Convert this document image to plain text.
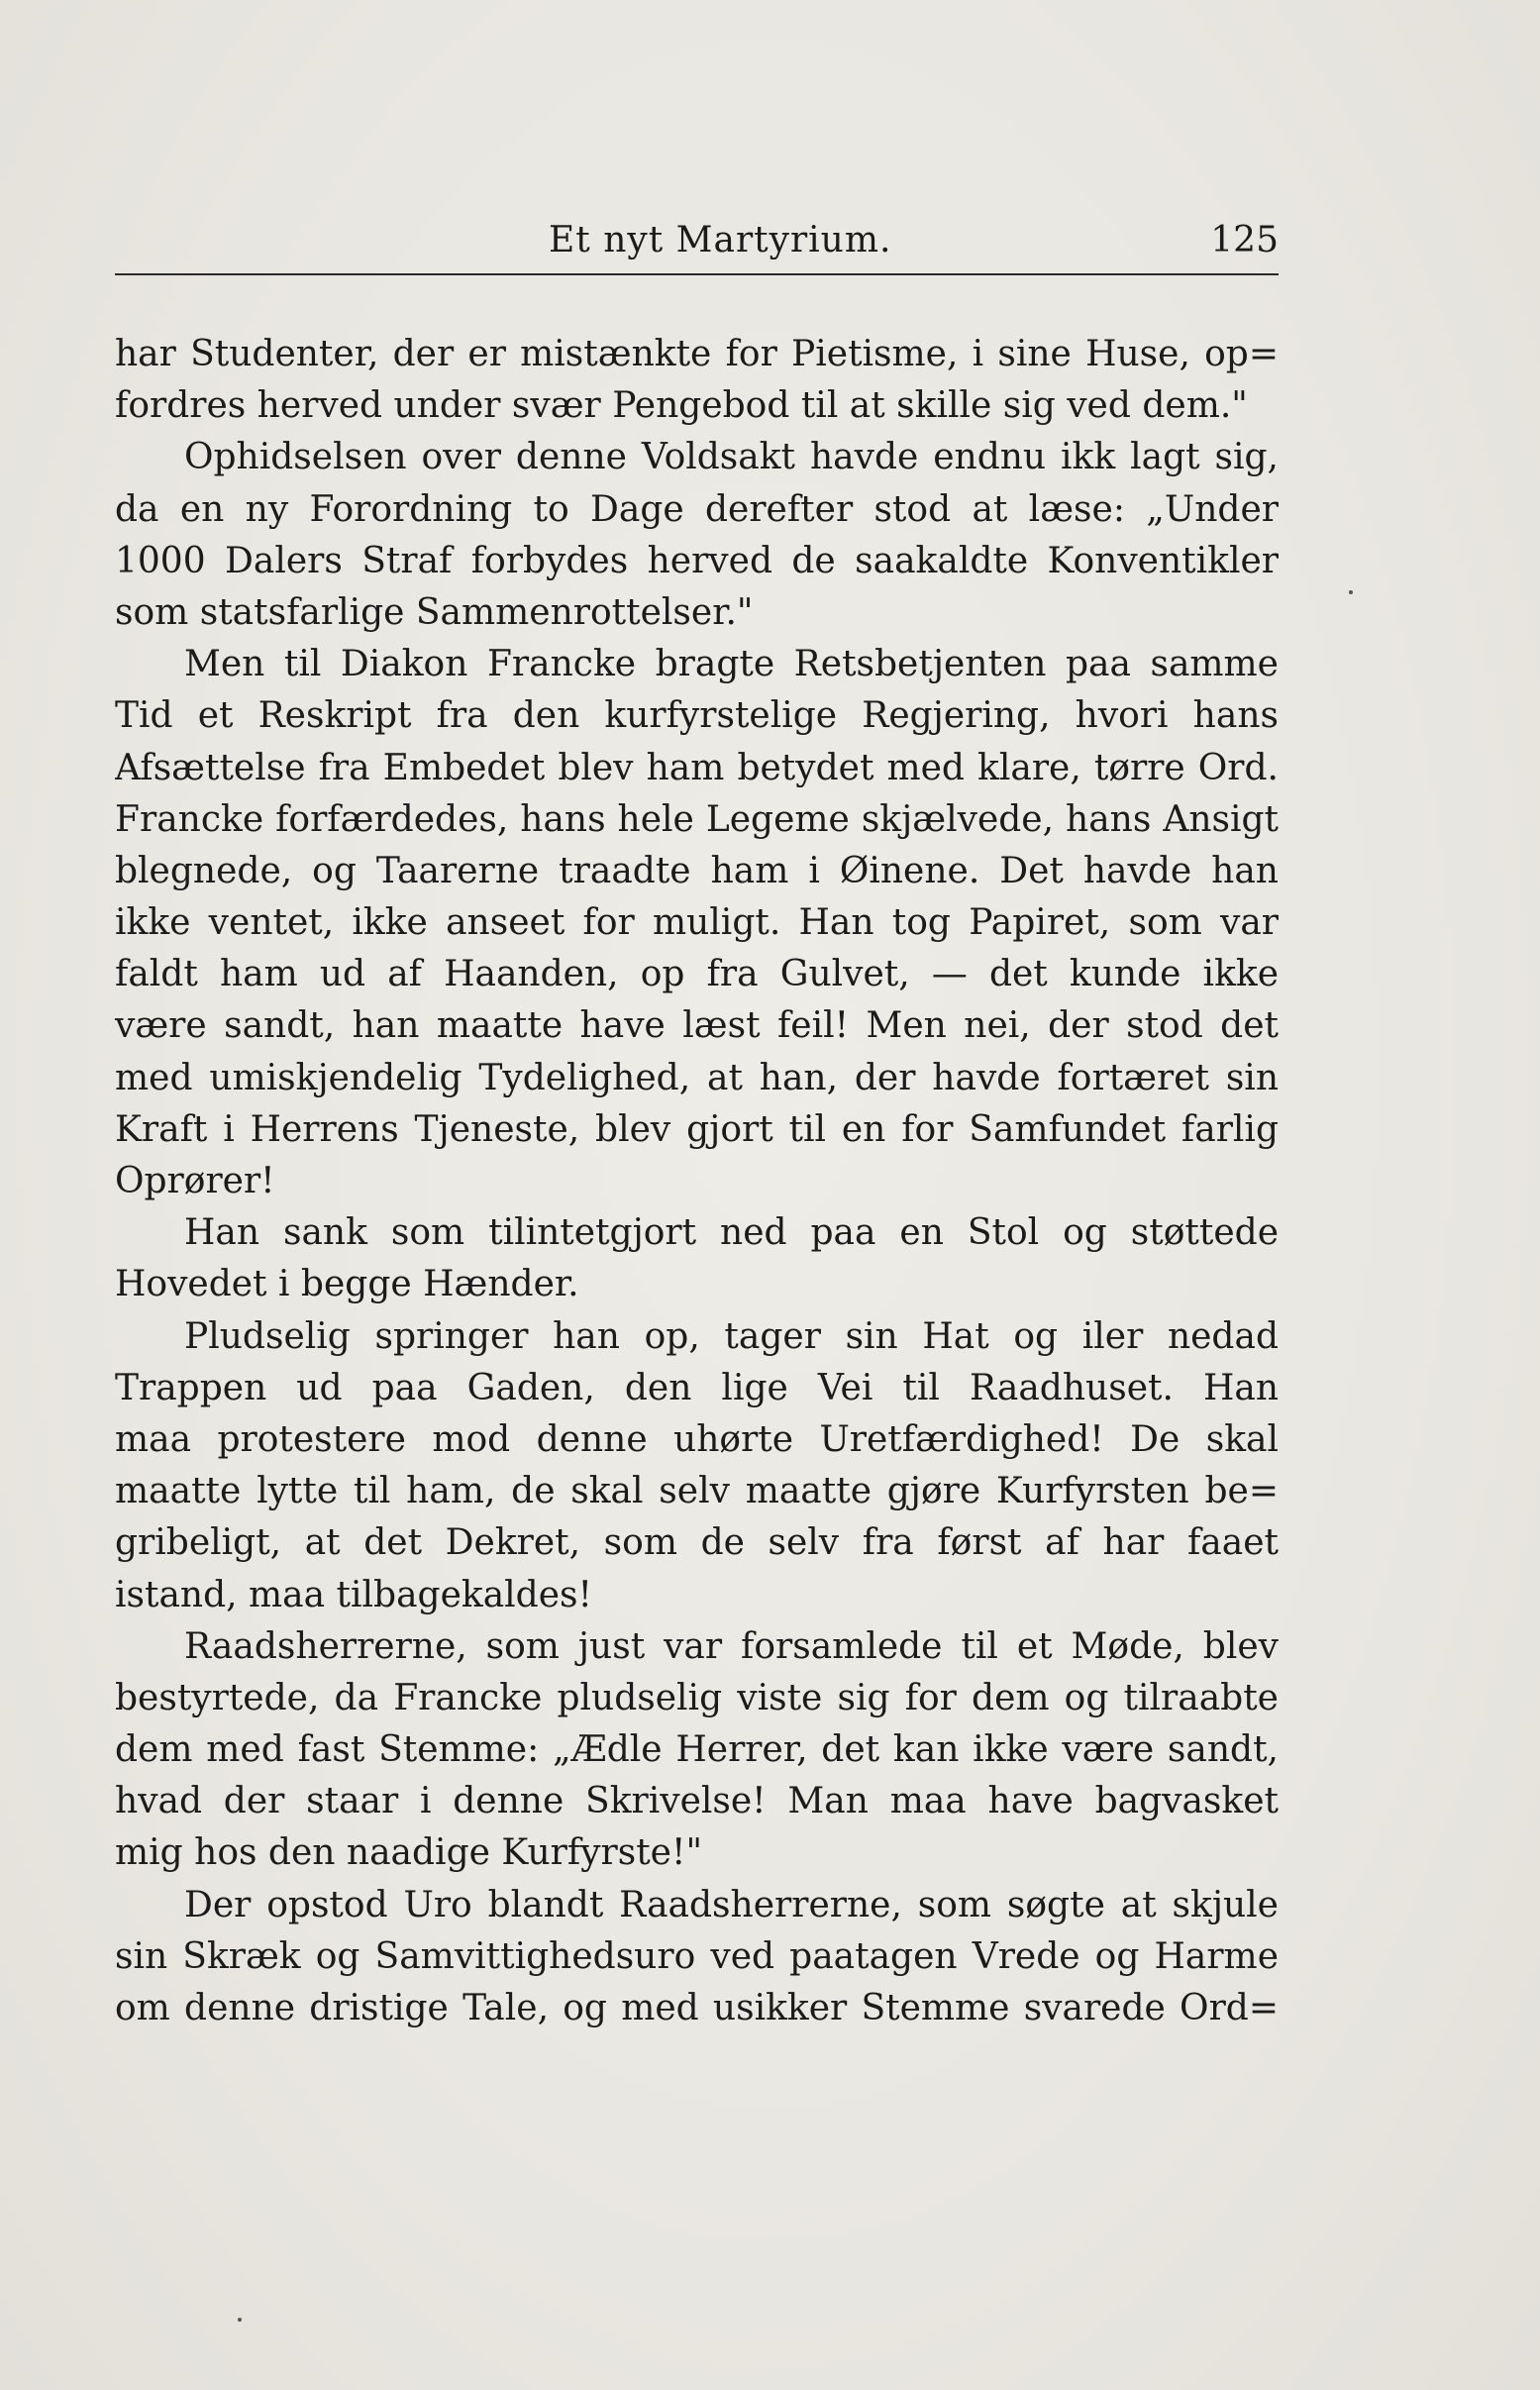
Et nyt Martyrium.	125
har Studenter, der er mistænkte for Pietisme, i sine Huse, op=
fordres herved under svær Pengebod til at skille sig ved dem."
Ophidselsen over denne Voldsakt havde endnu ikk lagt sig,
da en ny Forordning to Dage derefter stod at læse: „Under
1000 Dalers Straf forbydes herved de saakaldte Konventikler
som statsfarlige Sammenrottelser."
Men til Diakon Francke bragte Retsbetjenten paa samme
Tid et Reskript fra den kurfyrstelige Regjering, hvori hans
Afsættelse fra Embedet blev ham betydet med klare, tørre Ord.
Francke forfærdedes, hans hele Legeme skjælvede, hans Ansigt
blegnede, og Taarerne traadte ham i Øinene. Det havde han
ikke ventet, ikke anseet for muligt. Han tog Papiret, som var
faldt ham ud af Haanden, op fra Gulvet, — det kunde ikke
være sandt, han maatte have læst feil! Men nei, der stod det
med umiskjendelig Tydelighed, at han, der havde fortæret sin
Kraft i Herrens Tjeneste, blev gjort til en for Samfundet farlig
Oprører!
Han sank som tilintetgjort ned paa en Stol og støttede
Hovedet i begge Hænder.
Pludselig springer han op, tager sin Hat og iler nedad
Trappen ud paa Gaden, den lige Vei til Raadhuset. Han
maa protestere mod denne uhørte Uretfærdighed! De skal
maatte lytte til ham, de skal selv maatte gjøre Kurfyrsten be=
gribeligt, at det Dekret, som de selv fra først af har faaet
istand, maa tilbagekaldes!
Raadsherrerne, som just var forsamlede til et Møde, blev
bestyrtede, da Francke pludselig viste sig for dem og tilraabte
dem med fast Stemme: „Ædle Herrer, det kan ikke være sandt,
hvad der staar i denne Skrivelse! Man maa have bagvasket
mig hos den naadige Kurfyrste!"
Der opstod Uro blandt Raadsherrerne, som søgte at skjule
sin Skræk og Samvittighedsuro ved paatagen Vrede og Harme
om denne dristige Tale, og med usikker Stemme svarede Ord=
